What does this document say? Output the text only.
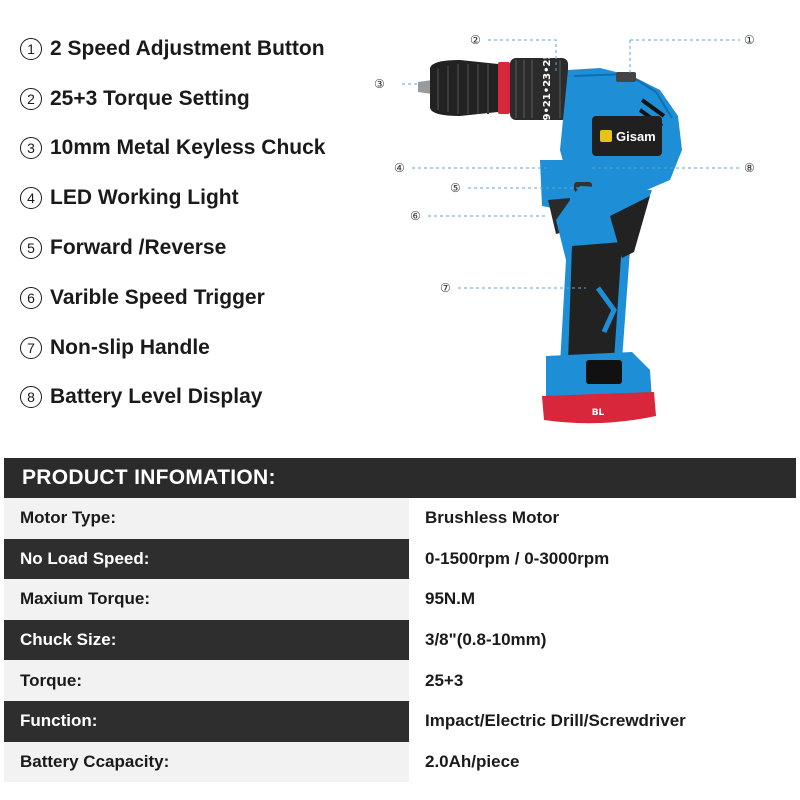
1 2 Speed Adjustment Button
2 25+3 Torque Setting
3 10mm Metal Keyless Chuck
4 LED Working Light
5 Forward /Reverse
6 Varible Speed Trigger
7 Non-slip Handle
8 Battery Level Display
19•21•23•25
Gisam
BL
②	①
③
④	⑧
⑤
⑥
⑦
PRODUCT INFOMATION:
Motor Type:	Brushless Motor
No Load Speed:	0-1500rpm / 0-3000rpm
Maxium Torque:	95N.M
Chuck Size:	3/8"(0.8-10mm)
Torque:	25+3
Function:	Impact/Electric Drill/Screwdriver
Battery Ccapacity:	2.0Ah/piece
